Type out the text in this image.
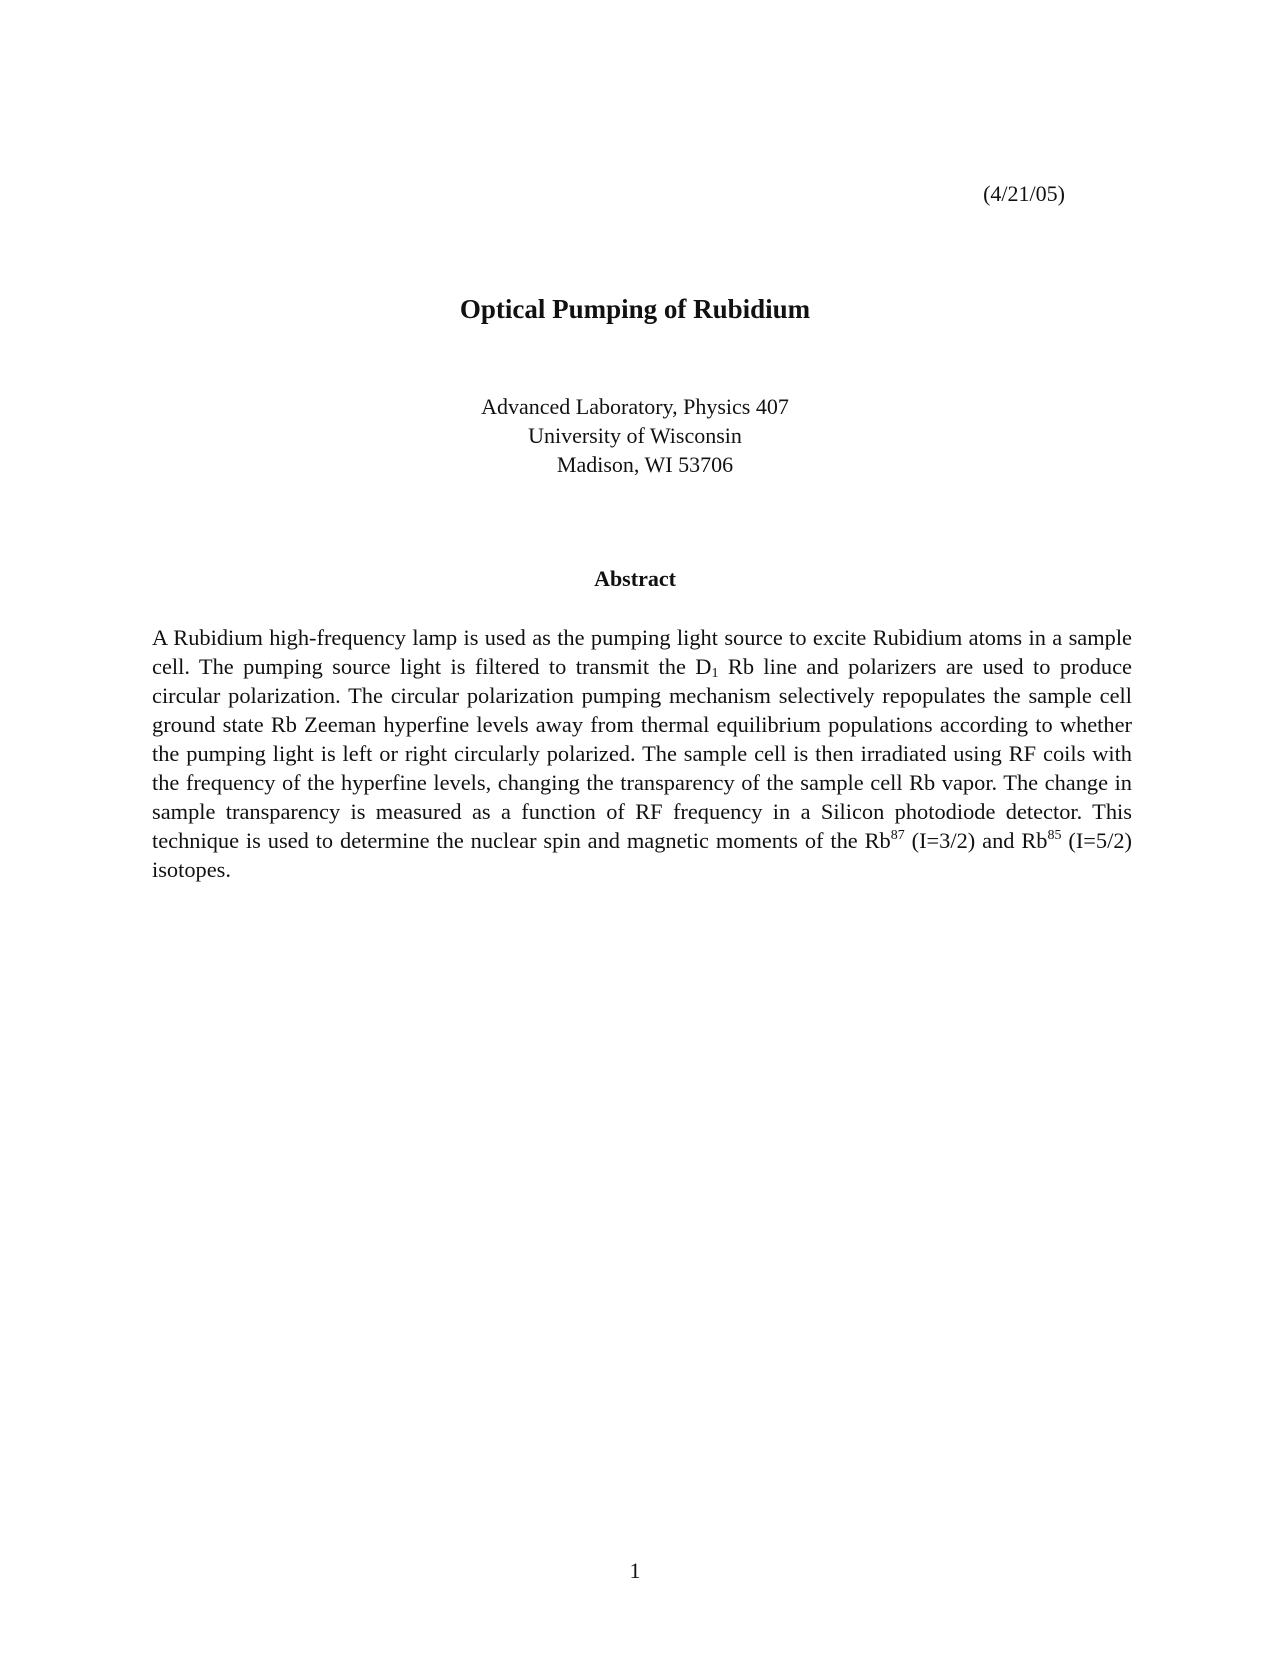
(4/21/05)
Optical Pumping of Rubidium
Advanced Laboratory, Physics 407
University of Wisconsin
Madison, WI 53706
Abstract
A Rubidium high-frequency lamp is used as the pumping light source to excite Rubidium atoms in a sample cell. The pumping source light is filtered to transmit the $D_1$ Rb line and polarizers are used to produce circular polarization. The circular polarization pumping mechanism selectively repopulates the sample cell ground state Rb Zeeman hyperfine levels away from thermal equilibrium populations according to whether the pumping light is left or right circularly polarized. The sample cell is then irradiated using RF coils with the frequency of the hyperfine levels, changing the transparency of the sample cell Rb vapor. The change in sample transparency is measured as a function of RF frequency in a Silicon photodiode detector. This technique is used to determine the nuclear spin and magnetic moments of the Rb$^{87}$ (I=3/2) and Rb$^{85}$ (I=5/2) isotopes.
1
